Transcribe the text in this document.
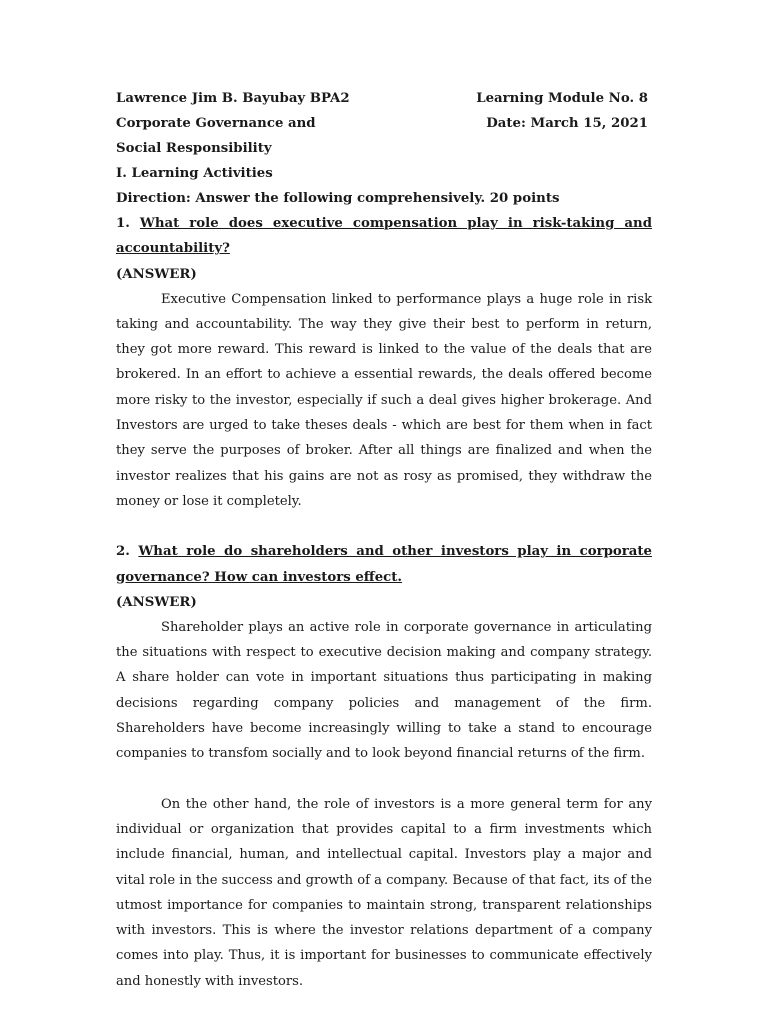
Lawrence Jim B. Bayubay BPA2	Learning Module No. 8
Corporate Governance and	Date: March 15, 2021
Social Responsibility
I. Learning Activities
Direction: Answer the following comprehensively. 20 points
1. What role does executive compensation play in risk-taking and accountability?
(ANSWER)

Executive Compensation linked to performance plays a huge role in risk taking and accountability. The way they give their best to perform in return, they got more reward. This reward is linked to the value of the deals that are brokered. In an effort to achieve a essential rewards, the deals offered become more risky to the investor, especially if such a deal gives higher brokerage. And Investors are urged to take theses deals - which are best for them when in fact they serve the purposes of broker. After all things are finalized and when the investor realizes that his gains are not as rosy as promised, they withdraw the money or lose it completely.

2. What role do shareholders and other investors play in corporate governance? How can investors effect.
(ANSWER)

Shareholder plays an active role in corporate governance in articulating the situations with respect to executive decision making and company strategy. A share holder can vote in important situations thus participating in making decisions regarding company policies and management of the firm. Shareholders have become increasingly willing to take a stand to encourage companies to transfom socially and to look beyond financial returns of the firm.

On the other hand, the role of investors is a more general term for any individual or organization that provides capital to a firm investments which include financial, human, and intellectual capital. Investors play a major and vital role in the success and growth of a company. Because of that fact, its of the utmost importance for companies to maintain strong, transparent relationships with investors. This is where the investor relations department of a company comes into play. Thus, it is important for businesses to communicate effectively and honestly with investors.
